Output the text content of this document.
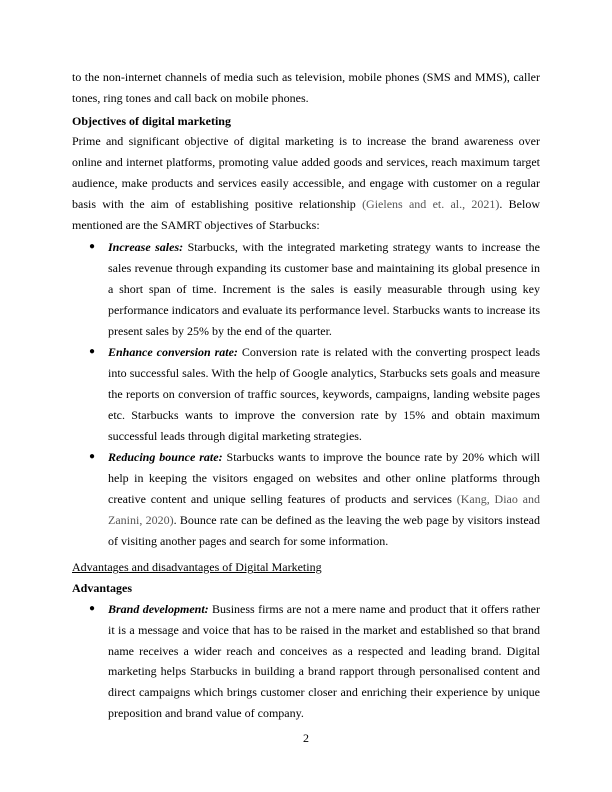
to the non-internet channels of media such as television, mobile phones (SMS and MMS), caller tones, ring tones and call back on mobile phones.

Objectives of digital marketing

Prime and significant objective of digital marketing is to increase the brand awareness over online and internet platforms, promoting value added goods and services, reach maximum target audience, make products and services easily accessible, and engage with customer on a regular basis with the aim of establishing positive relationship (Gielens and et. al., 2021). Below mentioned are the SAMRT objectives of Starbucks:

● Increase sales: Starbucks, with the integrated marketing strategy wants to increase the sales revenue through expanding its customer base and maintaining its global presence in a short span of time. Increment is the sales is easily measurable through using key performance indicators and evaluate its performance level. Starbucks wants to increase its present sales by 25% by the end of the quarter.
● Enhance conversion rate: Conversion rate is related with the converting prospect leads into successful sales. With the help of Google analytics, Starbucks sets goals and measure the reports on conversion of traffic sources, keywords, campaigns, landing website pages etc. Starbucks wants to improve the conversion rate by 15% and obtain maximum successful leads through digital marketing strategies.
● Reducing bounce rate: Starbucks wants to improve the bounce rate by 20% which will help in keeping the visitors engaged on websites and other online platforms through creative content and unique selling features of products and services (Kang, Diao and Zanini, 2020). Bounce rate can be defined as the leaving the web page by visitors instead of visiting another pages and search for some information.
Advantages and disadvantages of Digital Marketing
Advantages
● Brand development: Business firms are not a mere name and product that it offers rather it is a message and voice that has to be raised in the market and established so that brand name receives a wider reach and conceives as a respected and leading brand. Digital marketing helps Starbucks in building a brand rapport through personalised content and direct campaigns which brings customer closer and enriching their experience by unique preposition and brand value of company.
2
